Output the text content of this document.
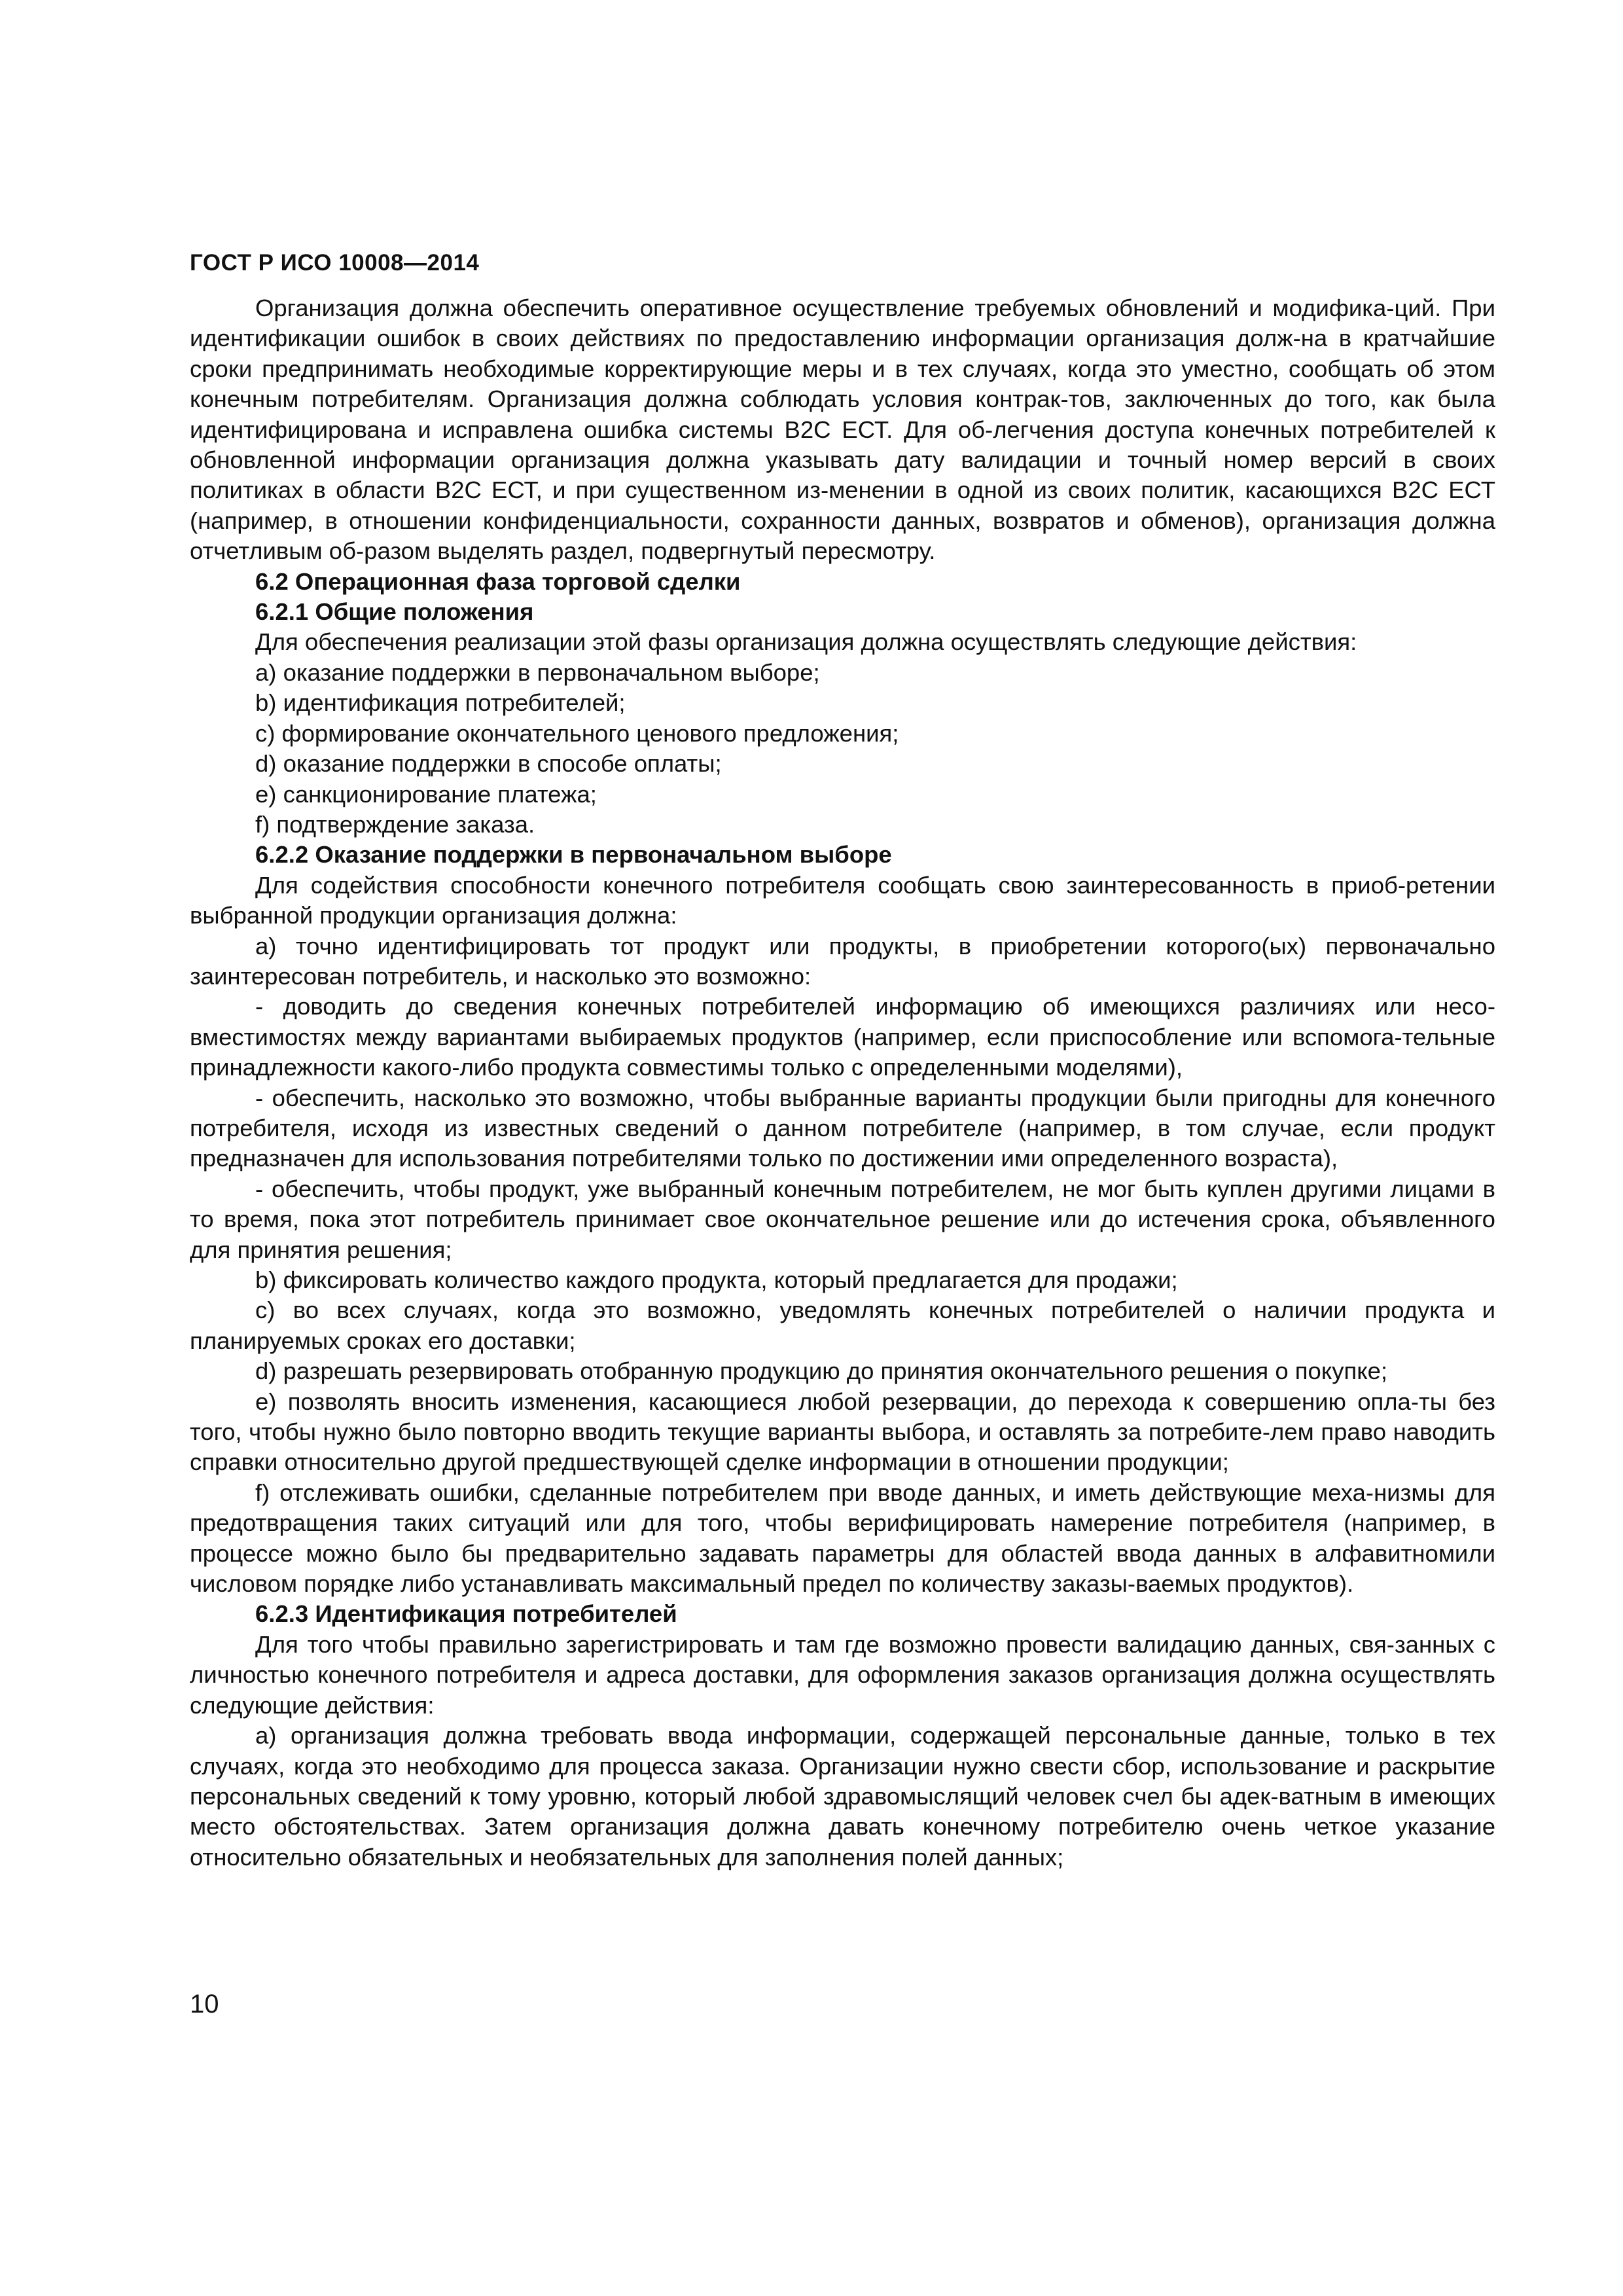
ГОСТ Р ИСО 10008—2014

Организация должна обеспечить оперативное осуществление требуемых обновлений и модифика-ций. При идентификации ошибок в своих действиях по предоставлению информации организация долж-на в кратчайшие сроки предпринимать необходимые корректирующие меры и в тех случаях, когда это уместно, сообщать об этом конечным потребителям. Организация должна соблюдать условия контрак-тов, заключенных до того, как была идентифицирована и исправлена ошибка системы В2С ЕСТ. Для об-легчения доступа конечных потребителей к обновленной информации организация должна указывать дату валидации и точный номер версий в своих политиках в области В2С ЕСТ, и при существенном из-менении в одной из своих политик, касающихся В2С ЕСТ (например, в отношении конфиденциальности, сохранности данных, возвратов и обменов), организация должна отчетливым об-разом выделять раздел, подвергнутый пересмотру.

6.2 Операционная фаза торговой сделки

6.2.1 Общие положения

Для обеспечения реализации этой фазы организация должна осуществлять следующие действия:

а) оказание поддержки в первоначальном выборе;

b) идентификация потребителей;

с) формирование окончательного ценового предложения;

d) оказание поддержки в способе оплаты;

е) санкционирование платежа;

f) подтверждение заказа.

6.2.2 Оказание поддержки в первоначальном выборе

Для содействия способности конечного потребителя сообщать свою заинтересованность в приоб-ретении выбранной продукции организация должна:

а) точно идентифицировать тот продукт или продукты, в приобретении которого(ых) первоначально заинтересован потребитель, и насколько это возможно:

- доводить до сведения конечных потребителей информацию об имеющихся различиях или несо-вместимостях между вариантами выбираемых продуктов (например, если приспособление или вспомога-тельные принадлежности какого-либо продукта совместимы только с определенными моделями),

- обеспечить, насколько это возможно, чтобы выбранные варианты продукции были пригодны для конечного потребителя, исходя из известных сведений о данном потребителе (например, в том случае, если продукт предназначен для использования потребителями только по достижении ими определенного возраста),

- обеспечить, чтобы продукт, уже выбранный конечным потребителем, не мог быть куплен другими лицами в то время, пока этот потребитель принимает свое окончательное решение или до истечения срока, объявленного для принятия решения;

b) фиксировать количество каждого продукта, который предлагается для продажи;

с) во всех случаях, когда это возможно, уведомлять конечных потребителей о наличии продукта и планируемых сроках его доставки;

d) разрешать резервировать отобранную продукцию до принятия окончательного решения о покупке;

е) позволять вносить изменения, касающиеся любой резервации, до перехода к совершению опла-ты без того, чтобы нужно было повторно вводить текущие варианты выбора, и оставлять за потребите-лем право наводить справки относительно другой предшествующей сделке информации в отношении продукции;

f) отслеживать ошибки, сделанные потребителем при вводе данных, и иметь действующие меха-низмы для предотвращения таких ситуаций или для того, чтобы верифицировать намерение потребителя (например, в процессе можно было бы предварительно задавать параметры для областей ввода данных в алфавитномили числовом порядке либо устанавливать максимальный предел по количеству заказы-ваемых продуктов).

6.2.3 Идентификация потребителей

Для того чтобы правильно зарегистрировать и там где возможно провести валидацию данных, свя-занных с личностью конечного потребителя и адреса доставки, для оформления заказов организация должна осуществлять следующие действия:

а) организация должна требовать ввода информации, содержащей персональные данные, только в тех случаях, когда это необходимо для процесса заказа. Организации нужно свести сбор, использование и раскрытие персональных сведений к тому уровню, который любой здравомыслящий человек счел бы адек-ватным в имеющих место обстоятельствах. Затем организация должна давать конечному потребителю очень четкое указание относительно обязательных и необязательных для заполнения полей данных;

10
